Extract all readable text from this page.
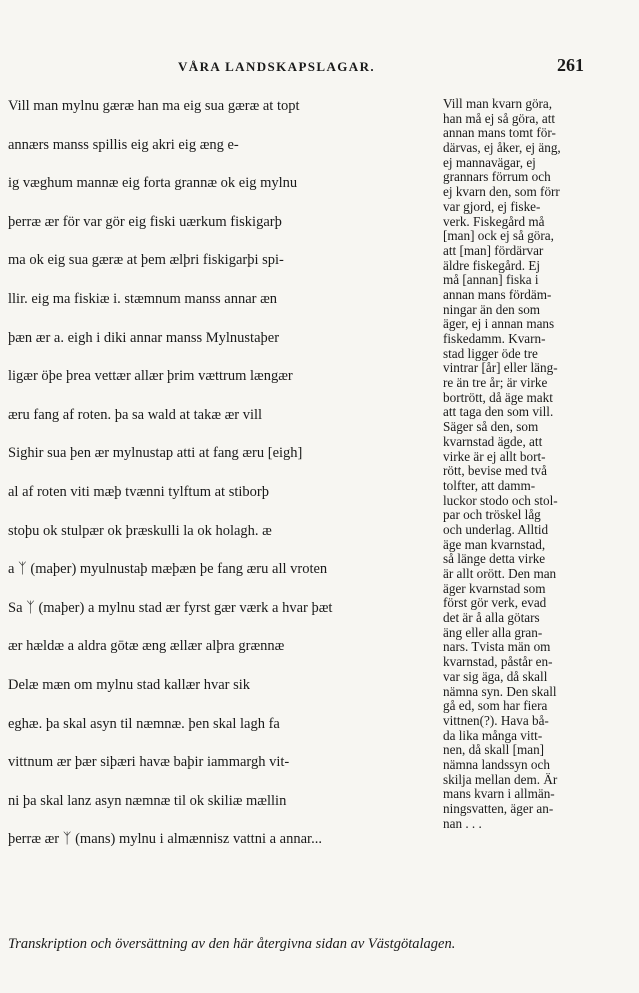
VÅRA LANDSKAPSLAGAR.	261
Vill man mylnu gæræ han ma eig sua gæræ at topt
annærs manss spillis eig akri eig æng e-
ig væghum mannæ eig forta grannæ ok eig mylnu
þerræ ær för var gör eig fiski uærkum fiskigarþ
ma ok eig sua gæræ at þem ælþri fiskigarþi spi-
llir. eig ma fiskiæ i. stæmnum manss annar æn
þæn ær a. eigh i diki annar manss Mylnustaþer
ligær öþe þrea vettær allær þrim vættrum længær
æru fang af roten. þa sa wald at takæ ær vill
Sighir sua þen ær mylnustap atti at fang æru [eigh]
al af roten viti mæþ tvænni tylftum at stiborþ
stoþu ok stulpær ok þræskulli la ok holagh. æ
a ᛉ (maþer) myulnustaþ mæþæn þe fang æru all vroten
Sa ᛉ (maþer) a mylnu stad ær fyrst gær værk a hvar þæt
ær hældæ a aldra gōtæ æng ællær alþra grænnæ
Delæ mæn om mylnu stad kallær hvar sik
eghæ. þa skal asyn til næmnæ. þen skal lagh fa
vittnum ær þær siþæri havæ baþir iammargh vit-
ni þa skal lanz asyn næmnæ til ok skiliæ mællin
þerræ ær ᛉ (mans) mylnu i almænnisz vattni a annar...
Vill man kvarn göra,
han må ej så göra, att
annan mans tomt för-
därvas, ej åker, ej äng,
ej mannavägar, ej
grannars förrum och
ej kvarn den, som förr
var gjord, ej fiske-
verk. Fiskegård må
[man] ock ej så göra,
att [man] fördärvar
äldre fiskegård. Ej
må [annan] fiska i
annan mans fördäm-
ningar än den som
äger, ej i annan mans
fiskedamm. Kvarn-
stad ligger öde tre
vintrar [år] eller läng-
re än tre år; är virke
bortrött, då äge makt
att taga den som vill.
Säger så den, som
kvarnstad ägde, att
virke är ej allt bort-
rött, bevise med två
tolfter, att damm-
luckor stodo och stol-
par och tröskel låg
och underlag. Alltid
äge man kvarnstad,
så länge detta virke
är allt orött. Den man
äger kvarnstad som
först gör verk, evad
det är å alla götars
äng eller alla gran-
nars. Tvista män om
kvarnstad, påstår en-
var sig äga, då skall
nämna syn. Den skall
gå ed, som har fiera
vittnen(?). Hava bå-
da lika många vitt-
nen, då skall [man]
nämna landssyn och
skilja mellan dem. Är
mans kvarn i allmän-
ningsvatten, äger an-
nan . . .
Transkription och översättning av den här återgivna sidan av Västgötalagen.
